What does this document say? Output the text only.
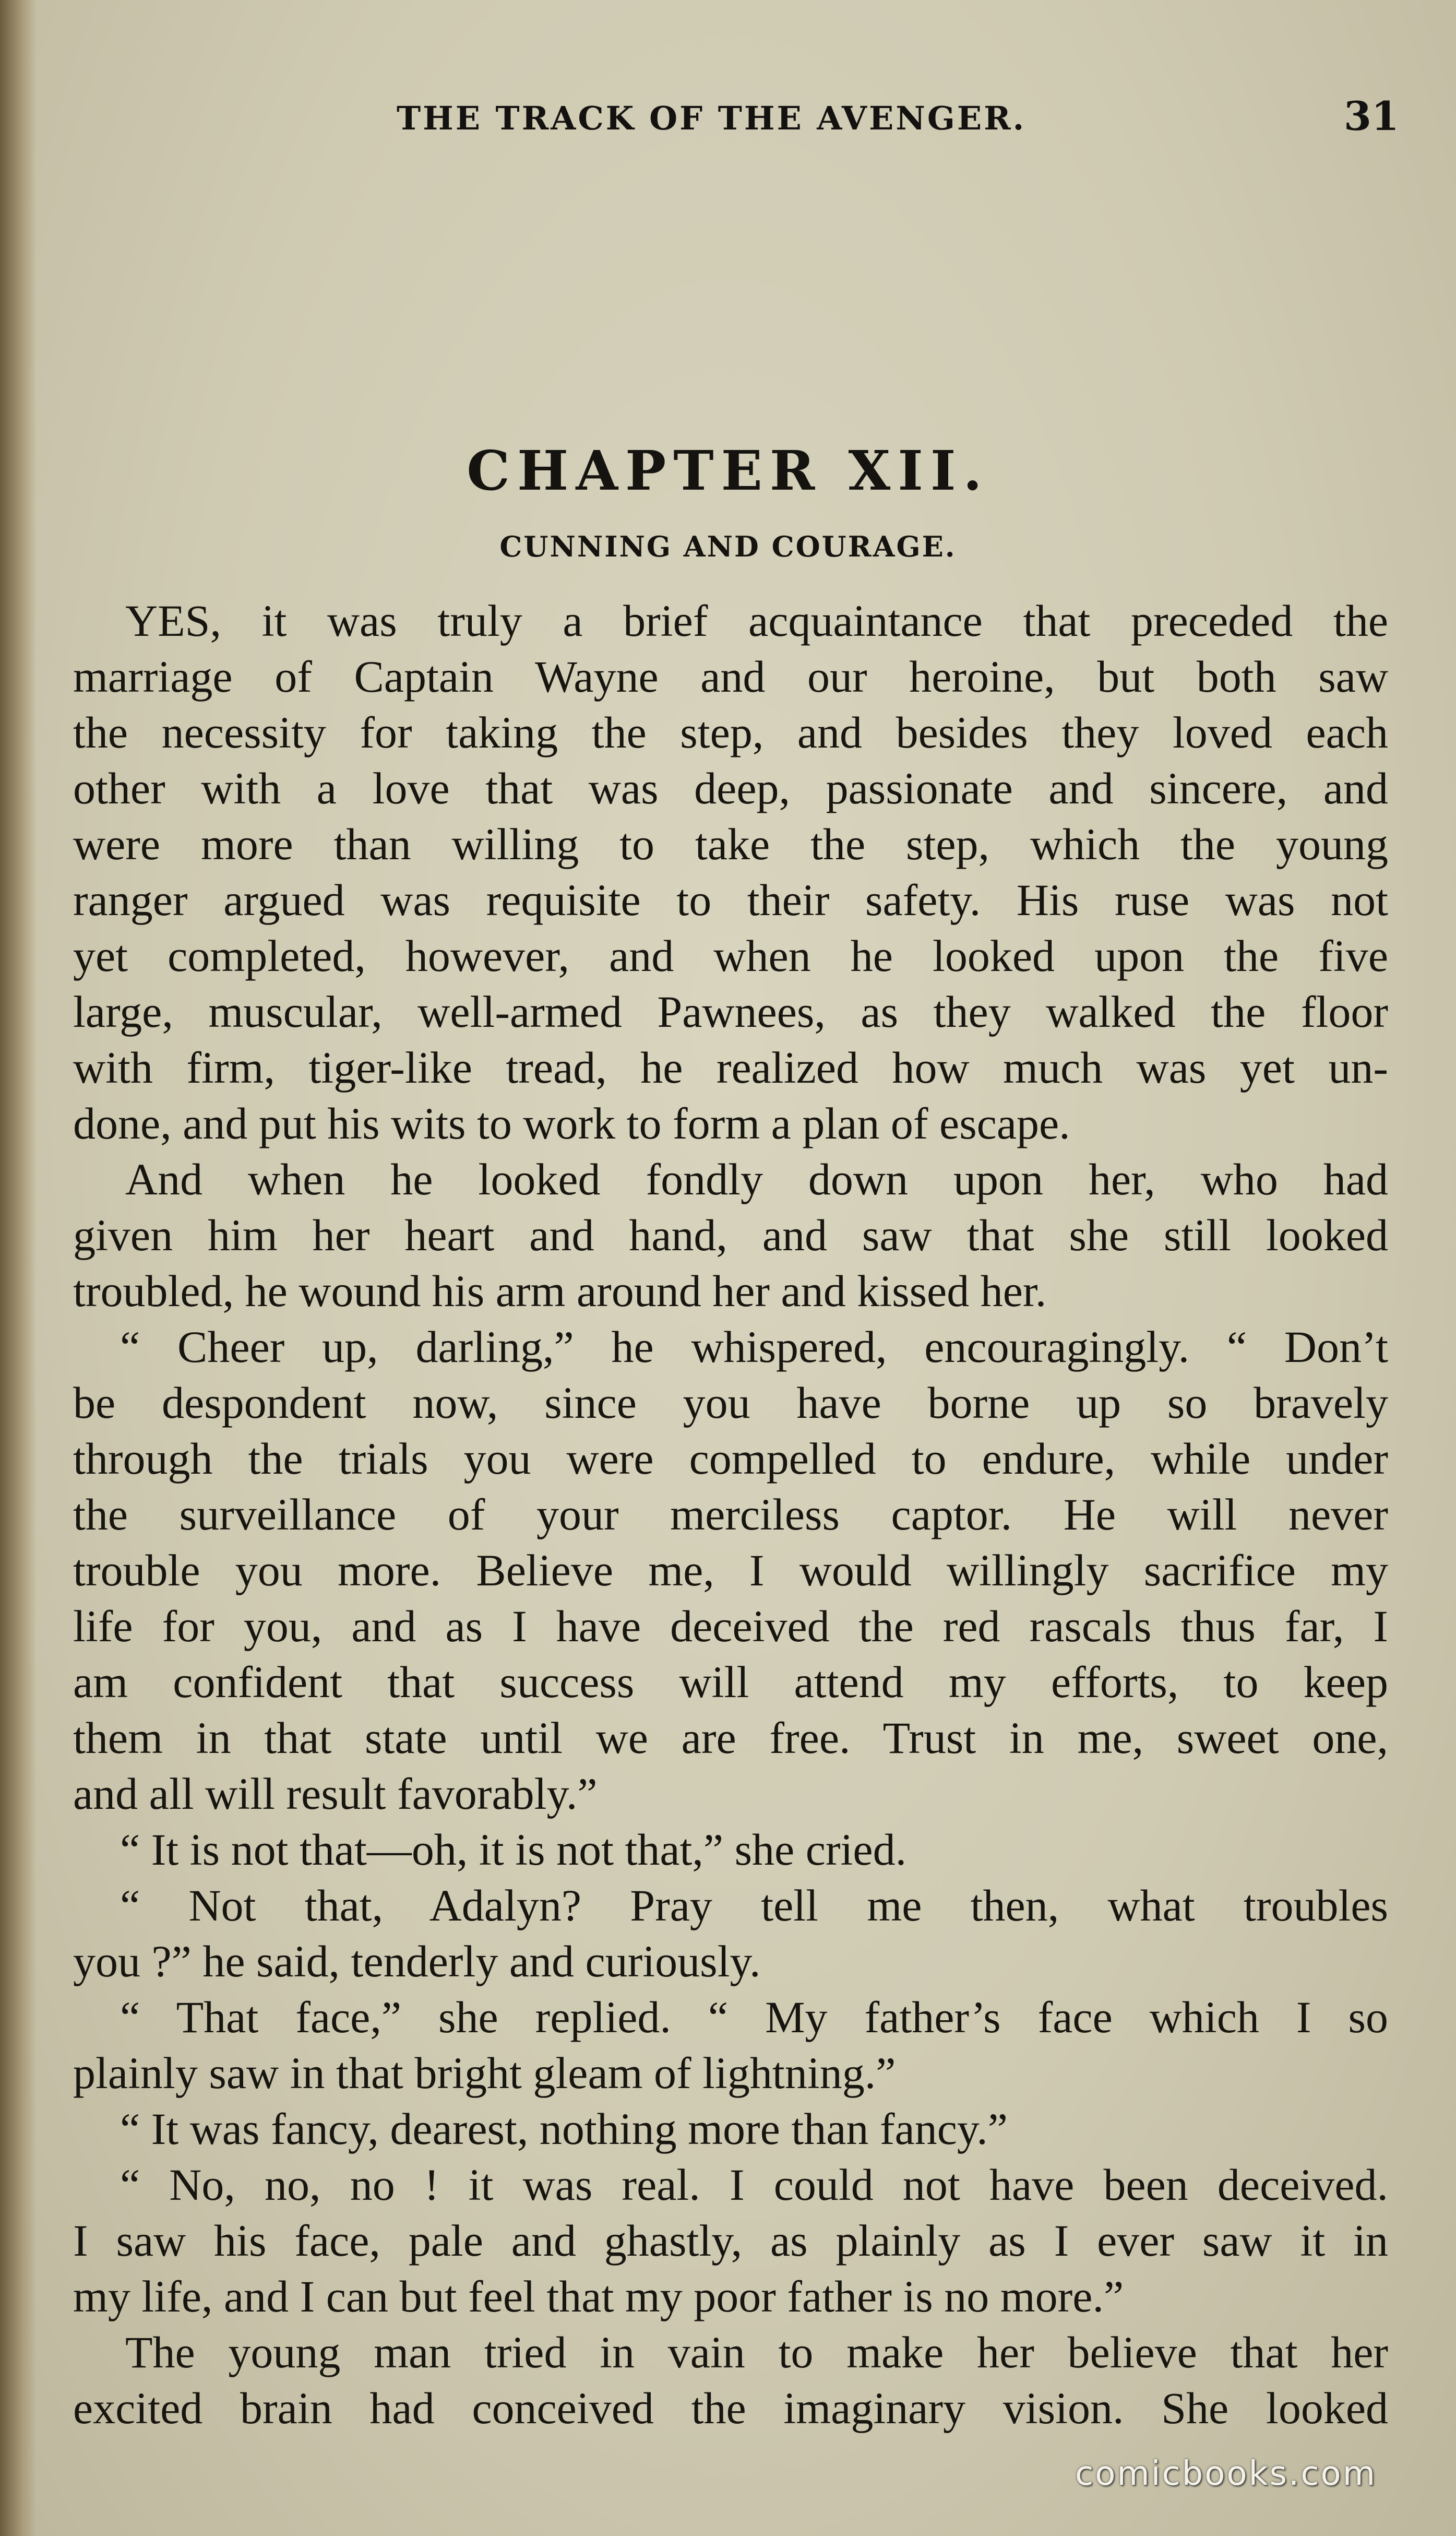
THE TRACK OF THE AVENGER.	31
CHAPTER XII.
CUNNING AND COURAGE.
YES, it was truly a brief acquaintance that preceded the
marriage of Captain Wayne and our heroine, but both saw
the necessity for taking the step, and besides they loved each
other with a love that was deep, passionate and sincere, and
were more than willing to take the step, which the young
ranger argued was requisite to their safety. His ruse was not
yet completed, however, and when he looked upon the five
large, muscular, well-armed Pawnees, as they walked the floor
with firm, tiger-like tread, he realized how much was yet un-
done, and put his wits to work to form a plan of escape.
And when he looked fondly down upon her, who had
given him her heart and hand, and saw that she still looked
troubled, he wound his arm around her and kissed her.
“ Cheer up, darling,” he whispered, encouragingly. “ Don’t
be despondent now, since you have borne up so bravely
through the trials you were compelled to endure, while under
the surveillance of your merciless captor. He will never
trouble you more. Believe me, I would willingly sacrifice my
life for you, and as I have deceived the red rascals thus far, I
am confident that success will attend my efforts, to keep
them in that state until we are free. Trust in me, sweet one,
and all will result favorably.”
“ It is not that—oh, it is not that,” she cried.
“ Not that, Adalyn? Pray tell me then, what troubles
you ?” he said, tenderly and curiously.
“ That face,” she replied. “ My father’s face which I so
plainly saw in that bright gleam of lightning.”
“ It was fancy, dearest, nothing more than fancy.”
“ No, no, no ! it was real. I could not have been deceived.
I saw his face, pale and ghastly, as plainly as I ever saw it in
my life, and I can but feel that my poor father is no more.”
The young man tried in vain to make her believe that her
excited brain had conceived the imaginary vision. She looked
comicbooks.com
